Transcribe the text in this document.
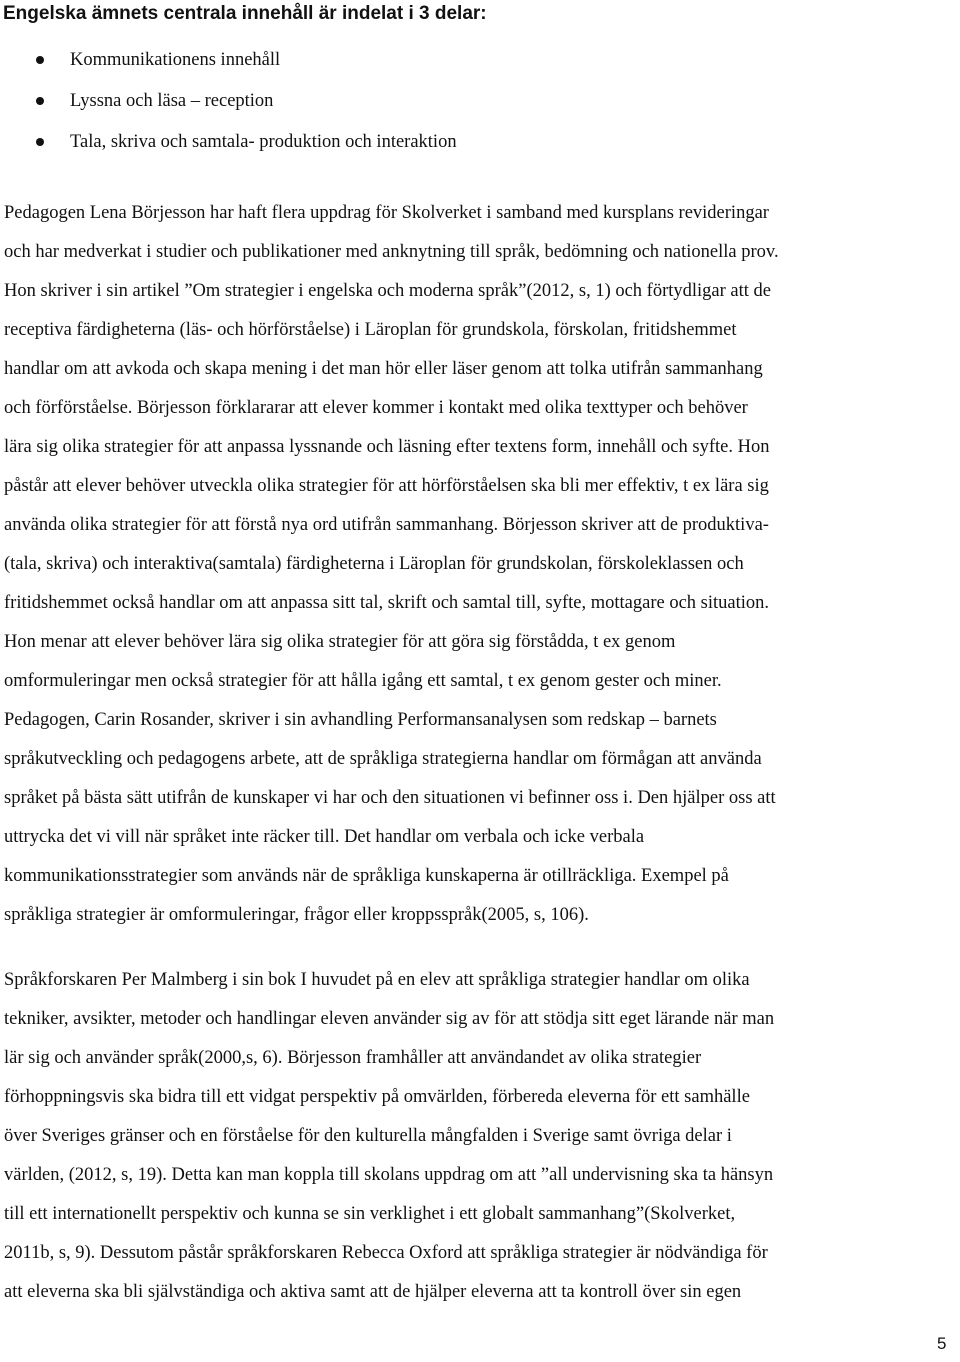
Engelska ämnets centrala innehåll är indelat i 3 delar:
Kommunikationens innehåll
Lyssna och läsa – reception
Tala, skriva och samtala- produktion och interaktion
Pedagogen Lena Börjesson har haft flera uppdrag för Skolverket i samband med kursplans revideringar
och har medverkat i studier och publikationer med anknytning till språk, bedömning och nationella prov.
Hon skriver i sin artikel ”Om strategier i engelska och moderna språk”(2012, s, 1) och förtydligar att de
receptiva färdigheterna (läs- och hörförståelse) i Läroplan för grundskola, förskolan, fritidshemmet
handlar om att avkoda och skapa mening i det man hör eller läser genom att tolka utifrån sammanhang
och förförståelse. Börjesson förklararar att elever kommer i kontakt med olika texttyper och behöver
lära sig olika strategier för att anpassa lyssnande och läsning efter textens form, innehåll och syfte. Hon
påstår att elever behöver utveckla olika strategier för att hörförståelsen ska bli mer effektiv, t ex lära sig
använda olika strategier för att förstå nya ord utifrån sammanhang. Börjesson skriver att de produktiva-
(tala, skriva) och interaktiva(samtala) färdigheterna i Läroplan för grundskolan, förskoleklassen och
fritidshemmet också handlar om att anpassa sitt tal, skrift och samtal till, syfte, mottagare och situation.
Hon menar att elever behöver lära sig olika strategier för att göra sig förstådda, t ex genom
omformuleringar men också strategier för att hålla igång ett samtal, t ex genom gester och miner.
Pedagogen, Carin Rosander, skriver i sin avhandling Performansanalysen som redskap – barnets
språkutveckling och pedagogens arbete, att de språkliga strategierna handlar om förmågan att använda
språket på bästa sätt utifrån de kunskaper vi har och den situationen vi befinner oss i. Den hjälper oss att
uttrycka det vi vill när språket inte räcker till. Det handlar om verbala och icke verbala
kommunikationsstrategier som används när de språkliga kunskaperna är otillräckliga. Exempel på
språkliga strategier är omformuleringar, frågor eller kroppsspråk(2005, s, 106).
Språkforskaren Per Malmberg i sin bok I huvudet på en elev att språkliga strategier handlar om olika
tekniker, avsikter, metoder och handlingar eleven använder sig av för att stödja sitt eget lärande när man
lär sig och använder språk(2000,s, 6). Börjesson framhåller att användandet av olika strategier
förhoppningsvis ska bidra till ett vidgat perspektiv på omvärlden, förbereda eleverna för ett samhälle
över Sveriges gränser och en förståelse för den kulturella mångfalden i Sverige samt övriga delar i
världen, (2012, s, 19). Detta kan man koppla till skolans uppdrag om att ”all undervisning ska ta hänsyn
till ett internationellt perspektiv och kunna se sin verklighet i ett globalt sammanhang”(Skolverket,
2011b, s, 9). Dessutom påstår språkforskaren Rebecca Oxford att språkliga strategier är nödvändiga för
att eleverna ska bli självständiga och aktiva samt att de hjälper eleverna att ta kontroll över sin egen
5
